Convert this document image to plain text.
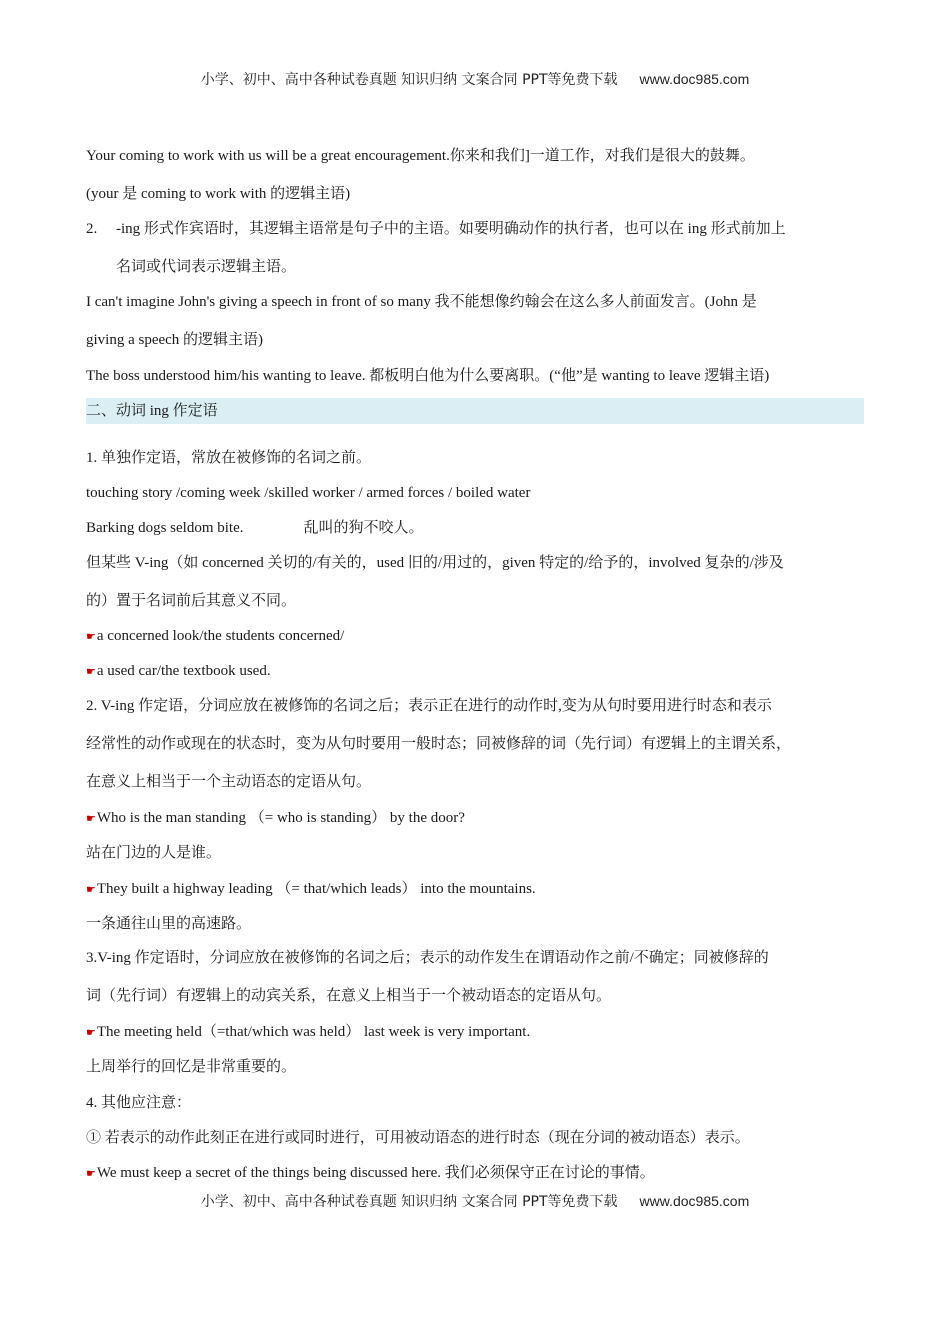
小学、初中、高中各种试卷真题 知识归纳 文案合同 PPT等免费下载 www.doc985.com
Your coming to work with us will be a great encouragement.你来和我们]一道工作，对我们是很大的鼓舞。
(your 是 coming to work with 的逻辑主语)
2. -ing 形式作宾语时，其逻辑主语常是句子中的主语。如要明确动作的执行者，也可以在 ing 形式前加上
名词或代词表示逻辑主语。
I can't imagine John's giving a speech in front of so many 我不能想像约翰会在这么多人前面发言。(John 是
giving a speech 的逻辑主语)
The boss understood him/his wanting to leave. 都板明白他为什么要离职。(“他”是 wanting to leave 逻辑主语)
二、动词 ing 作定语
1. 单独作定语，常放在被修饰的名词之前。
touching story /coming week /skilled worker / armed forces / boiled water
Barking dogs seldom bite.	乱叫的狗不咬人。
但某些 V-ing（如 concerned 关切的/有关的，used 旧的/用过的，given 特定的/给予的，involved 复杂的/涉及
的）置于名词前后其意义不同。
☛a concerned look/the students concerned/
☛a used car/the textbook used.
2. V-ing 作定语，分词应放在被修饰的名词之后；表示正在进行的动作时,变为从句时要用进行时态和表示
经常性的动作或现在的状态时，变为从句时要用一般时态；同被修辞的词（先行词）有逻辑上的主谓关系，
在意义上相当于一个主动语态的定语从句。
☛Who is the man standing （= who is standing） by the door?
站在门边的人是谁。
☛They built a highway leading （= that/which leads） into the mountains.
一条通往山里的高速路。
3.V-ing 作定语时，分词应放在被修饰的名词之后；表示的动作发生在谓语动作之前/不确定；同被修辞的
词（先行词）有逻辑上的动宾关系，在意义上相当于一个被动语态的定语从句。
☛The meeting held（=that/which was held） last week is very important.
上周举行的回忆是非常重要的。
4. 其他应注意：
① 若表示的动作此刻正在进行或同时进行，可用被动语态的进行时态（现在分词的被动语态）表示。
☛We must keep a secret of the things being discussed here. 我们必须保守正在讨论的事情。
小学、初中、高中各种试卷真题 知识归纳 文案合同 PPT等免费下载 www.doc985.com
